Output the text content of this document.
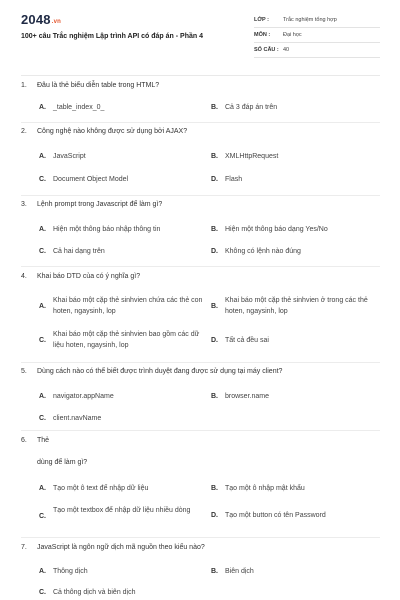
2048.vn
100+ câu Trắc nghiệm Lập trình API có đáp án - Phần 4
LỚP :	Trắc nghiệm tổng hợp
MÔN : Đại học
SỐ CÂU : 40
1. Đâu là thẻ biểu diễn table trong HTML?
A. _table_index_0_	B. Cả 3 đáp án trên
2. Công nghệ nào không được sử dụng bởi AJAX?
A. JavaScript	B. XMLHttpRequest
C. Document Object Model	D. Flash
3. Lệnh prompt trong Javascript để làm gì?
A. Hiện một thông báo nhập thông tin	B. Hiện một thông báo dạng Yes/No
C. Cả hai dạng trên	D. Không có lệnh nào đúng
4. Khai báo DTD của có ý nghĩa gì?
A.
Khai báo một cặp thẻ sinhvien chứa các thẻ con hoten, ngaysinh, lop
B.
Khai báo một cặp thẻ sinhvien ở trong các thẻ hoten, ngaysinh, lop
C.
Khai báo một cặp thẻ sinhvien bao gồm các dữ liệu hoten, ngaysinh, lop
D. Tất cả đều sai
5. Dùng cách nào có thể biết được trình duyệt đang được sử dụng tại máy client?
A. navigator.appName	B. browser.name
C. client.navName
6. Thẻ
dùng để làm gì?
A. Tạo một ô text để nhập dữ liệu	B. Tạo một ô nhập mật khẩu
C.
Tạo một textbox để nhập dữ liệu nhiều dòng
D. Tạo một button có tên Password
7. JavaScript là ngôn ngữ dịch mã nguồn theo kiểu nào?
A. Thông dịch	B. Biên dịch
C. Cả thông dịch và biên dịch
